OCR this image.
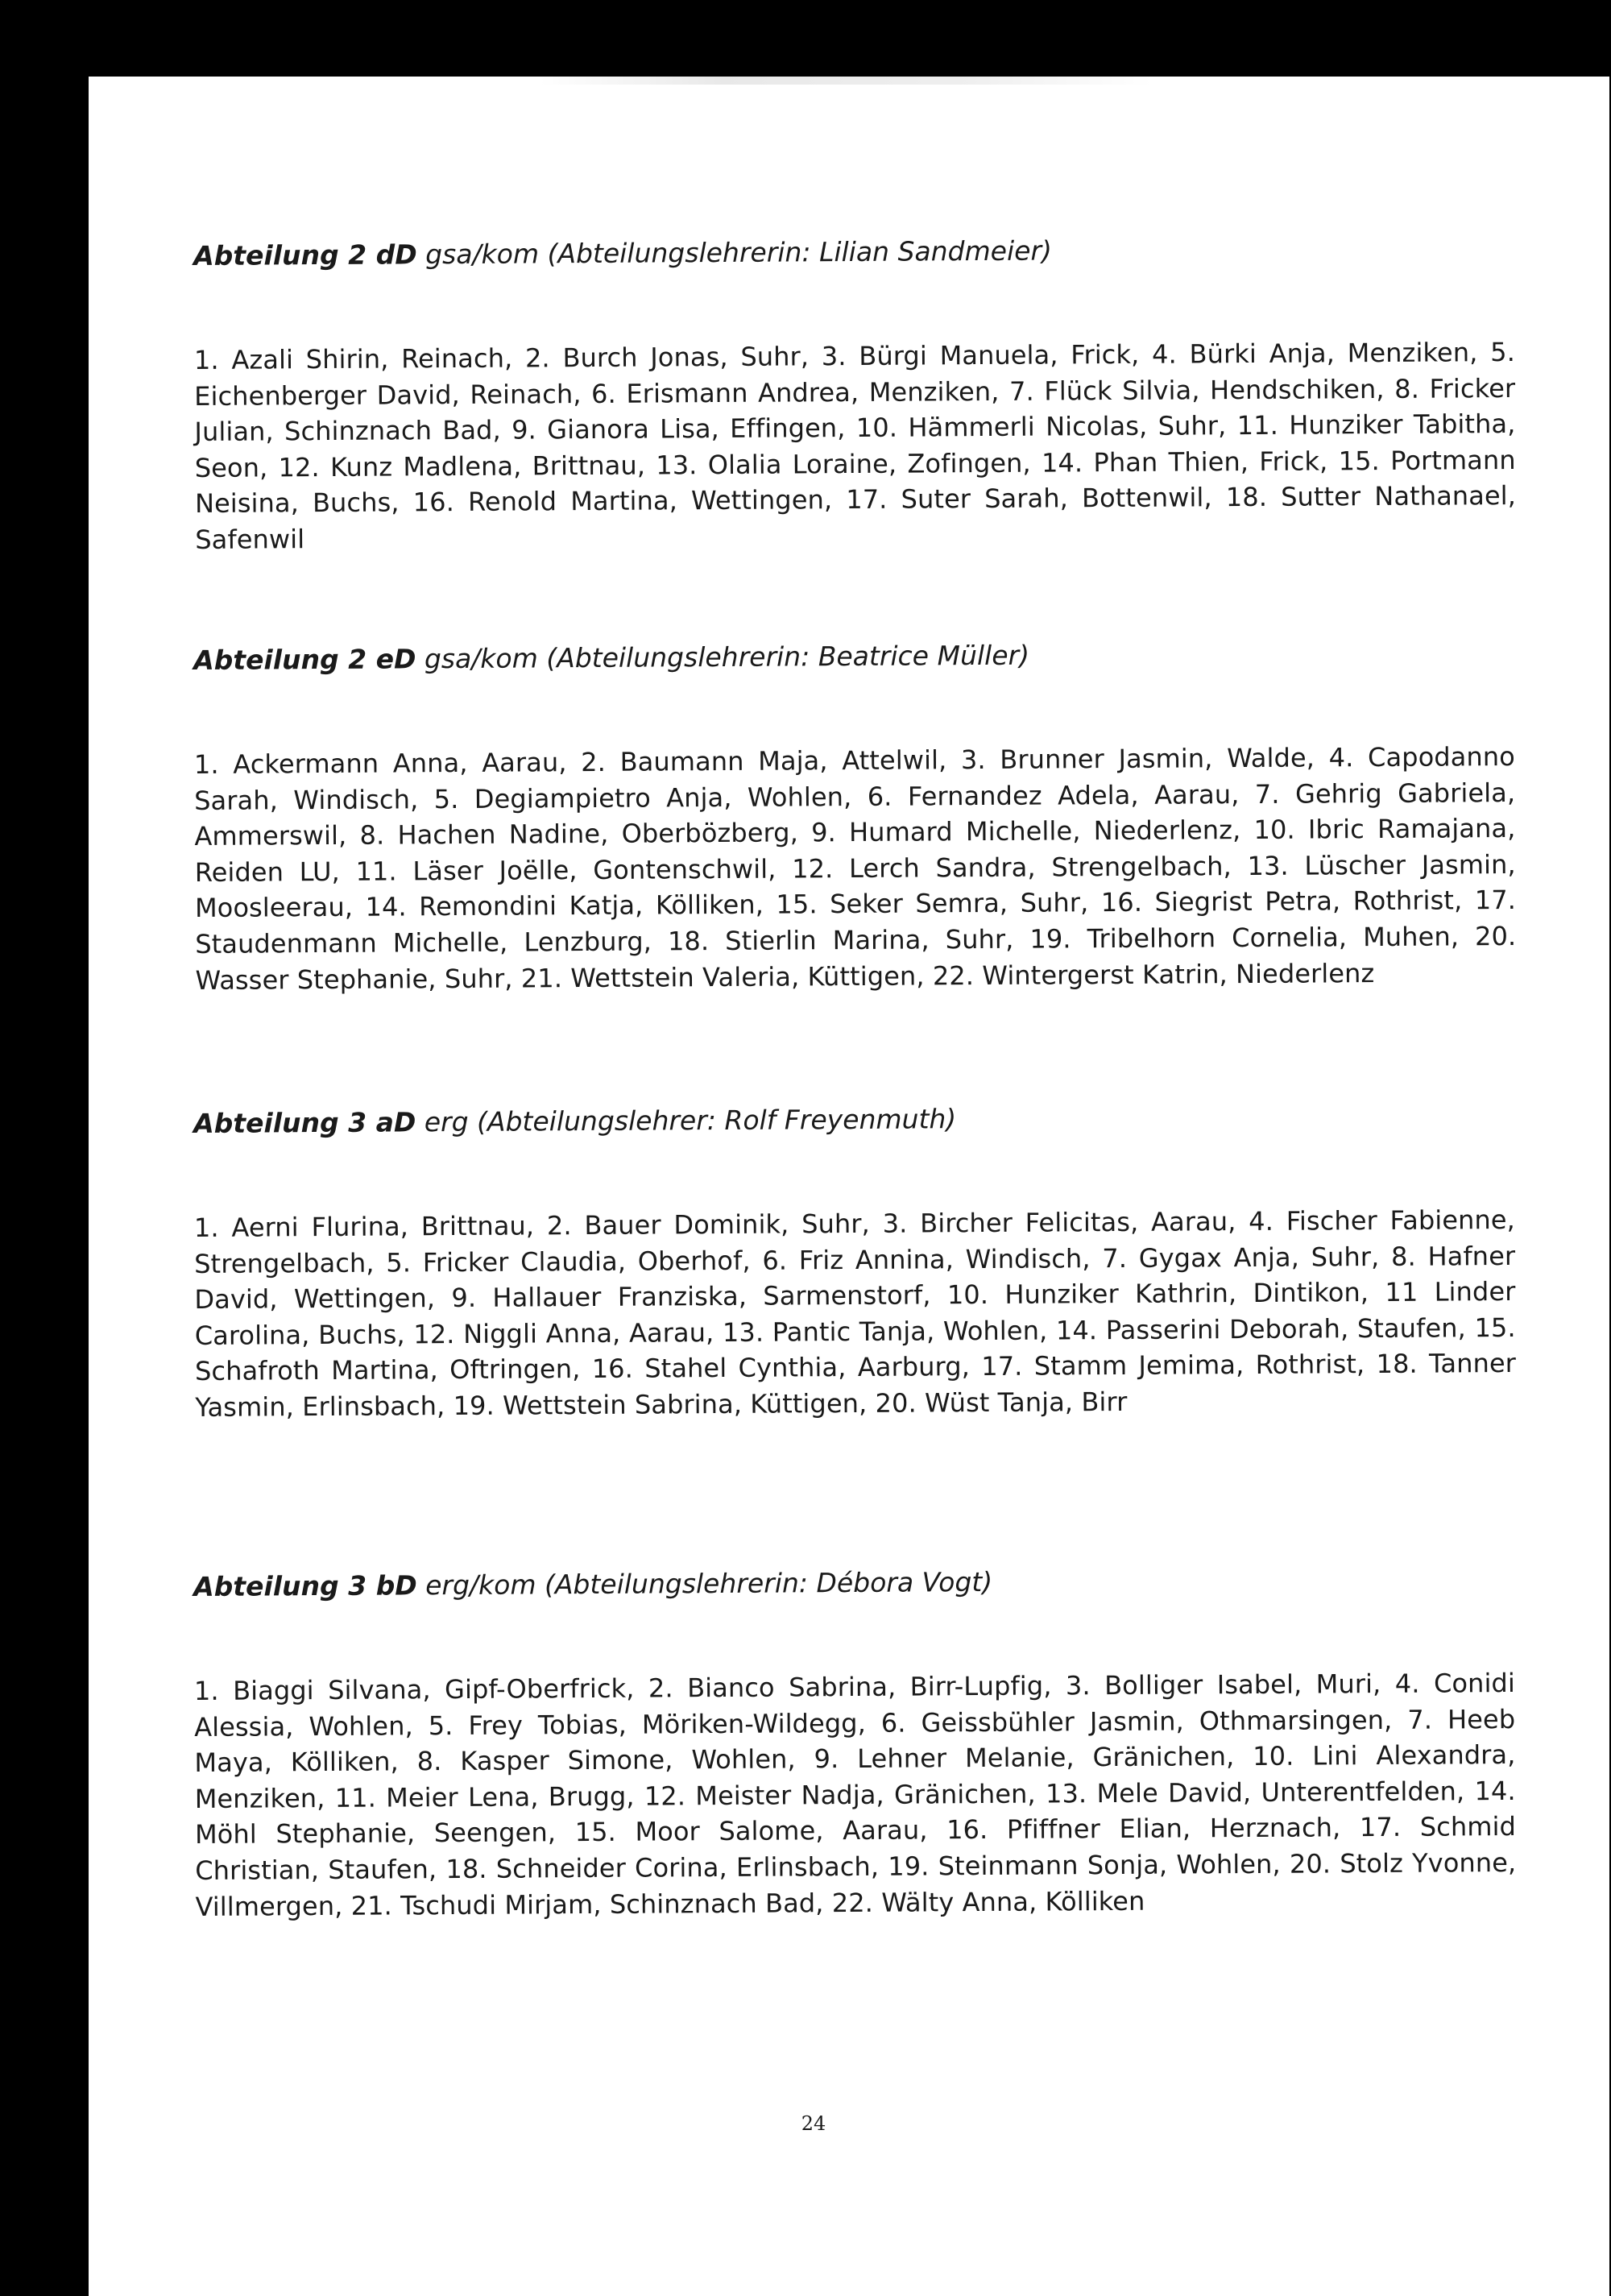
Abteilung 2 dD gsa/kom (Abteilungslehrerin: Lilian Sandmeier)

1. Azali Shirin, Reinach, 2. Burch Jonas, Suhr, 3. Bürgi Manuela, Frick, 4. Bürki Anja, Menziken, 5. Eichenberger David, Reinach, 6. Erismann Andrea, Menziken, 7. Flück Silvia, Hendschiken, 8. Fricker Julian, Schinznach Bad, 9. Gianora Lisa, Effingen, 10. Hämmerli Nicolas, Suhr, 11. Hunziker Tabitha, Seon, 12. Kunz Madlena, Brittnau, 13. Olalia Loraine, Zofingen, 14. Phan Thien, Frick, 15. Portmann Neisina, Buchs, 16. Renold Martina, Wettingen, 17. Suter Sarah, Bottenwil, 18. Sutter Nathanael, Safenwil

Abteilung 2 eD gsa/kom (Abteilungslehrerin: Beatrice Müller)

1. Ackermann Anna, Aarau, 2. Baumann Maja, Attelwil, 3. Brunner Jasmin, Walde, 4. Capodanno Sarah, Windisch, 5. Degiampietro Anja, Wohlen, 6. Fernandez Adela, Aarau, 7. Gehrig Gabriela, Ammerswil, 8. Hachen Nadine, Oberbözberg, 9. Humard Michelle, Niederlenz, 10. Ibric Ramajana, Reiden LU, 11. Läser Joëlle, Gontenschwil, 12. Lerch Sandra, Strengelbach, 13. Lüscher Jasmin, Moosleerau, 14. Remondini Katja, Kölliken, 15. Seker Semra, Suhr, 16. Siegrist Petra, Rothrist, 17. Staudenmann Michelle, Lenzburg, 18. Stierlin Marina, Suhr, 19. Tribelhorn Cornelia, Muhen, 20. Wasser Stephanie, Suhr, 21. Wettstein Valeria, Küttigen, 22. Wintergerst Katrin, Niederlenz

Abteilung 3 aD erg (Abteilungslehrer: Rolf Freyenmuth)

1. Aerni Flurina, Brittnau, 2. Bauer Dominik, Suhr, 3. Bircher Felicitas, Aarau, 4. Fischer Fabienne, Strengelbach, 5. Fricker Claudia, Oberhof, 6. Friz Annina, Windisch, 7. Gygax Anja, Suhr, 8. Hafner David, Wettingen, 9. Hallauer Franziska, Sarmenstorf, 10. Hunziker Kathrin, Dintikon, 11 Linder Carolina, Buchs, 12. Niggli Anna, Aarau, 13. Pantic Tanja, Wohlen, 14. Passerini Deborah, Staufen, 15. Schafroth Martina, Oftringen, 16. Stahel Cynthia, Aarburg, 17. Stamm Jemima, Rothrist, 18. Tanner Yasmin, Erlinsbach, 19. Wettstein Sabrina, Küttigen, 20. Wüst Tanja, Birr

Abteilung 3 bD erg/kom (Abteilungslehrerin: Débora Vogt)

1. Biaggi Silvana, Gipf-Oberfrick, 2. Bianco Sabrina, Birr-Lupfig, 3. Bolliger Isabel, Muri, 4. Conidi Alessia, Wohlen, 5. Frey Tobias, Möriken-Wildegg, 6. Geissbühler Jasmin, Othmarsingen, 7. Heeb Maya, Kölliken, 8. Kasper Simone, Wohlen, 9. Lehner Melanie, Gränichen, 10. Lini Alexandra, Menziken, 11. Meier Lena, Brugg, 12. Meister Nadja, Gränichen, 13. Mele David, Unterentfelden, 14. Möhl Stephanie, Seengen, 15. Moor Salome, Aarau, 16. Pfiffner Elian, Herznach, 17. Schmid Christian, Staufen, 18. Schneider Corina, Erlinsbach, 19. Steinmann Sonja, Wohlen, 20. Stolz Yvonne, Villmergen, 21. Tschudi Mirjam, Schinznach Bad, 22. Wälty Anna, Kölliken

24
